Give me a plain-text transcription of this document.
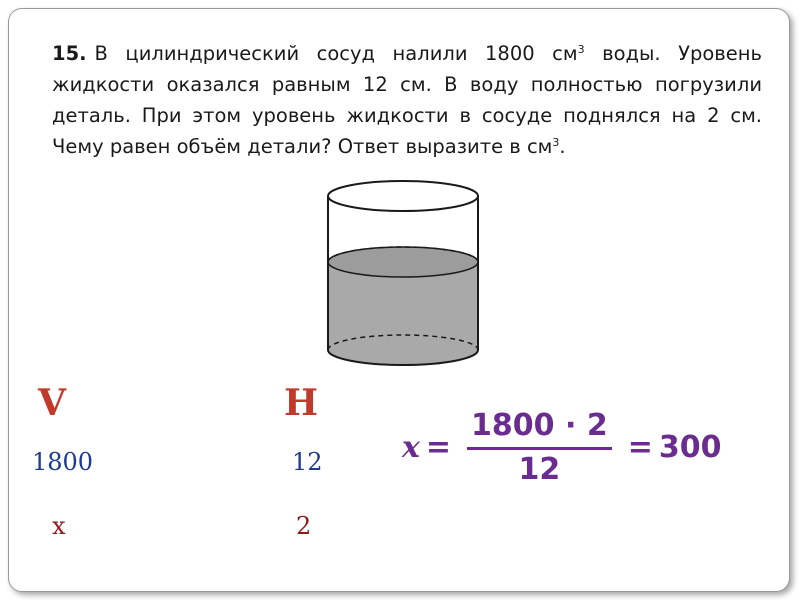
15. В цилиндрический сосуд налили 1800 $см^3$ воды. Уровень жидкости оказался равным 12 см. В воду полностью погрузили деталь. При этом уровень жидкости в сосуде поднялся на 2 см. Чему равен объём детали? Ответ выразите в $см^3$.
V	H
1800	12
x	2
$x = \frac{1800 \cdot 2}{12} = 300$
